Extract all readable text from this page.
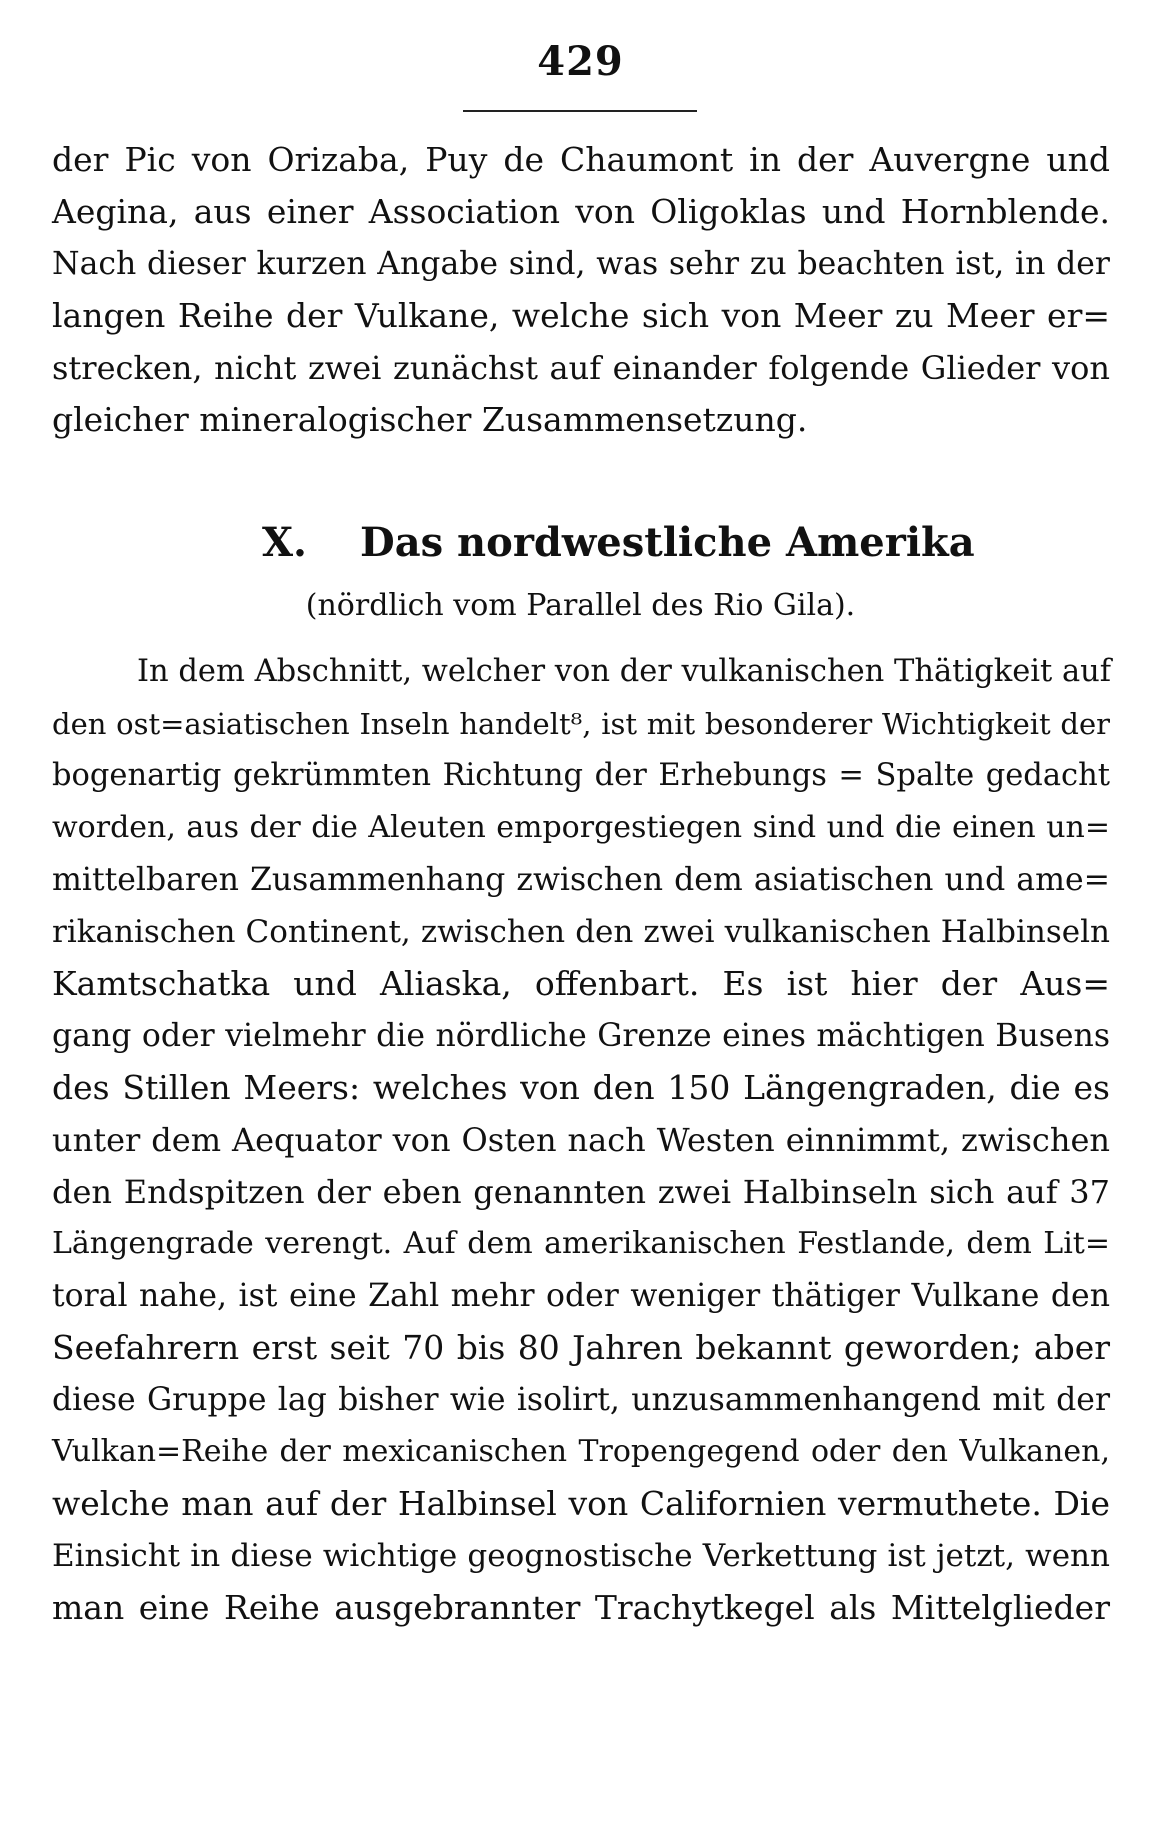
429
der Pic von Orizaba, Puy de Chaumont in der Auvergne und
Aegina, aus einer Association von Oligoklas und Hornblende.
Nach dieser kurzen Angabe sind, was sehr zu beachten ist, in der
langen Reihe der Vulkane, welche sich von Meer zu Meer er=
strecken, nicht zwei zunächst auf einander folgende Glieder von
gleicher mineralogischer Zusammensetzung.
X. Das nordwestliche Amerika
(nördlich vom Parallel des Rio Gila).
In dem Abschnitt, welcher von der vulkanischen Thätigkeit auf
den ost=asiatischen Inseln handelt⁸, ist mit besonderer Wichtigkeit der
bogenartig gekrümmten Richtung der Erhebungs = Spalte gedacht
worden, aus der die Aleuten emporgestiegen sind und die einen un=
mittelbaren Zusammenhang zwischen dem asiatischen und ame=
rikanischen Continent, zwischen den zwei vulkanischen Halbinseln
Kamtschatka und Aliaska, offenbart. Es ist hier der Aus=
gang oder vielmehr die nördliche Grenze eines mächtigen Busens
des Stillen Meers: welches von den 150 Längengraden, die es
unter dem Aequator von Osten nach Westen einnimmt, zwischen
den Endspitzen der eben genannten zwei Halbinseln sich auf 37
Längengrade verengt. Auf dem amerikanischen Festlande, dem Lit=
toral nahe, ist eine Zahl mehr oder weniger thätiger Vulkane den
Seefahrern erst seit 70 bis 80 Jahren bekannt geworden; aber
diese Gruppe lag bisher wie isolirt, unzusammenhangend mit der
Vulkan=Reihe der mexicanischen Tropengegend oder den Vulkanen,
welche man auf der Halbinsel von Californien vermuthete. Die
Einsicht in diese wichtige geognostische Verkettung ist jetzt, wenn
man eine Reihe ausgebrannter Trachytkegel als Mittelglieder
